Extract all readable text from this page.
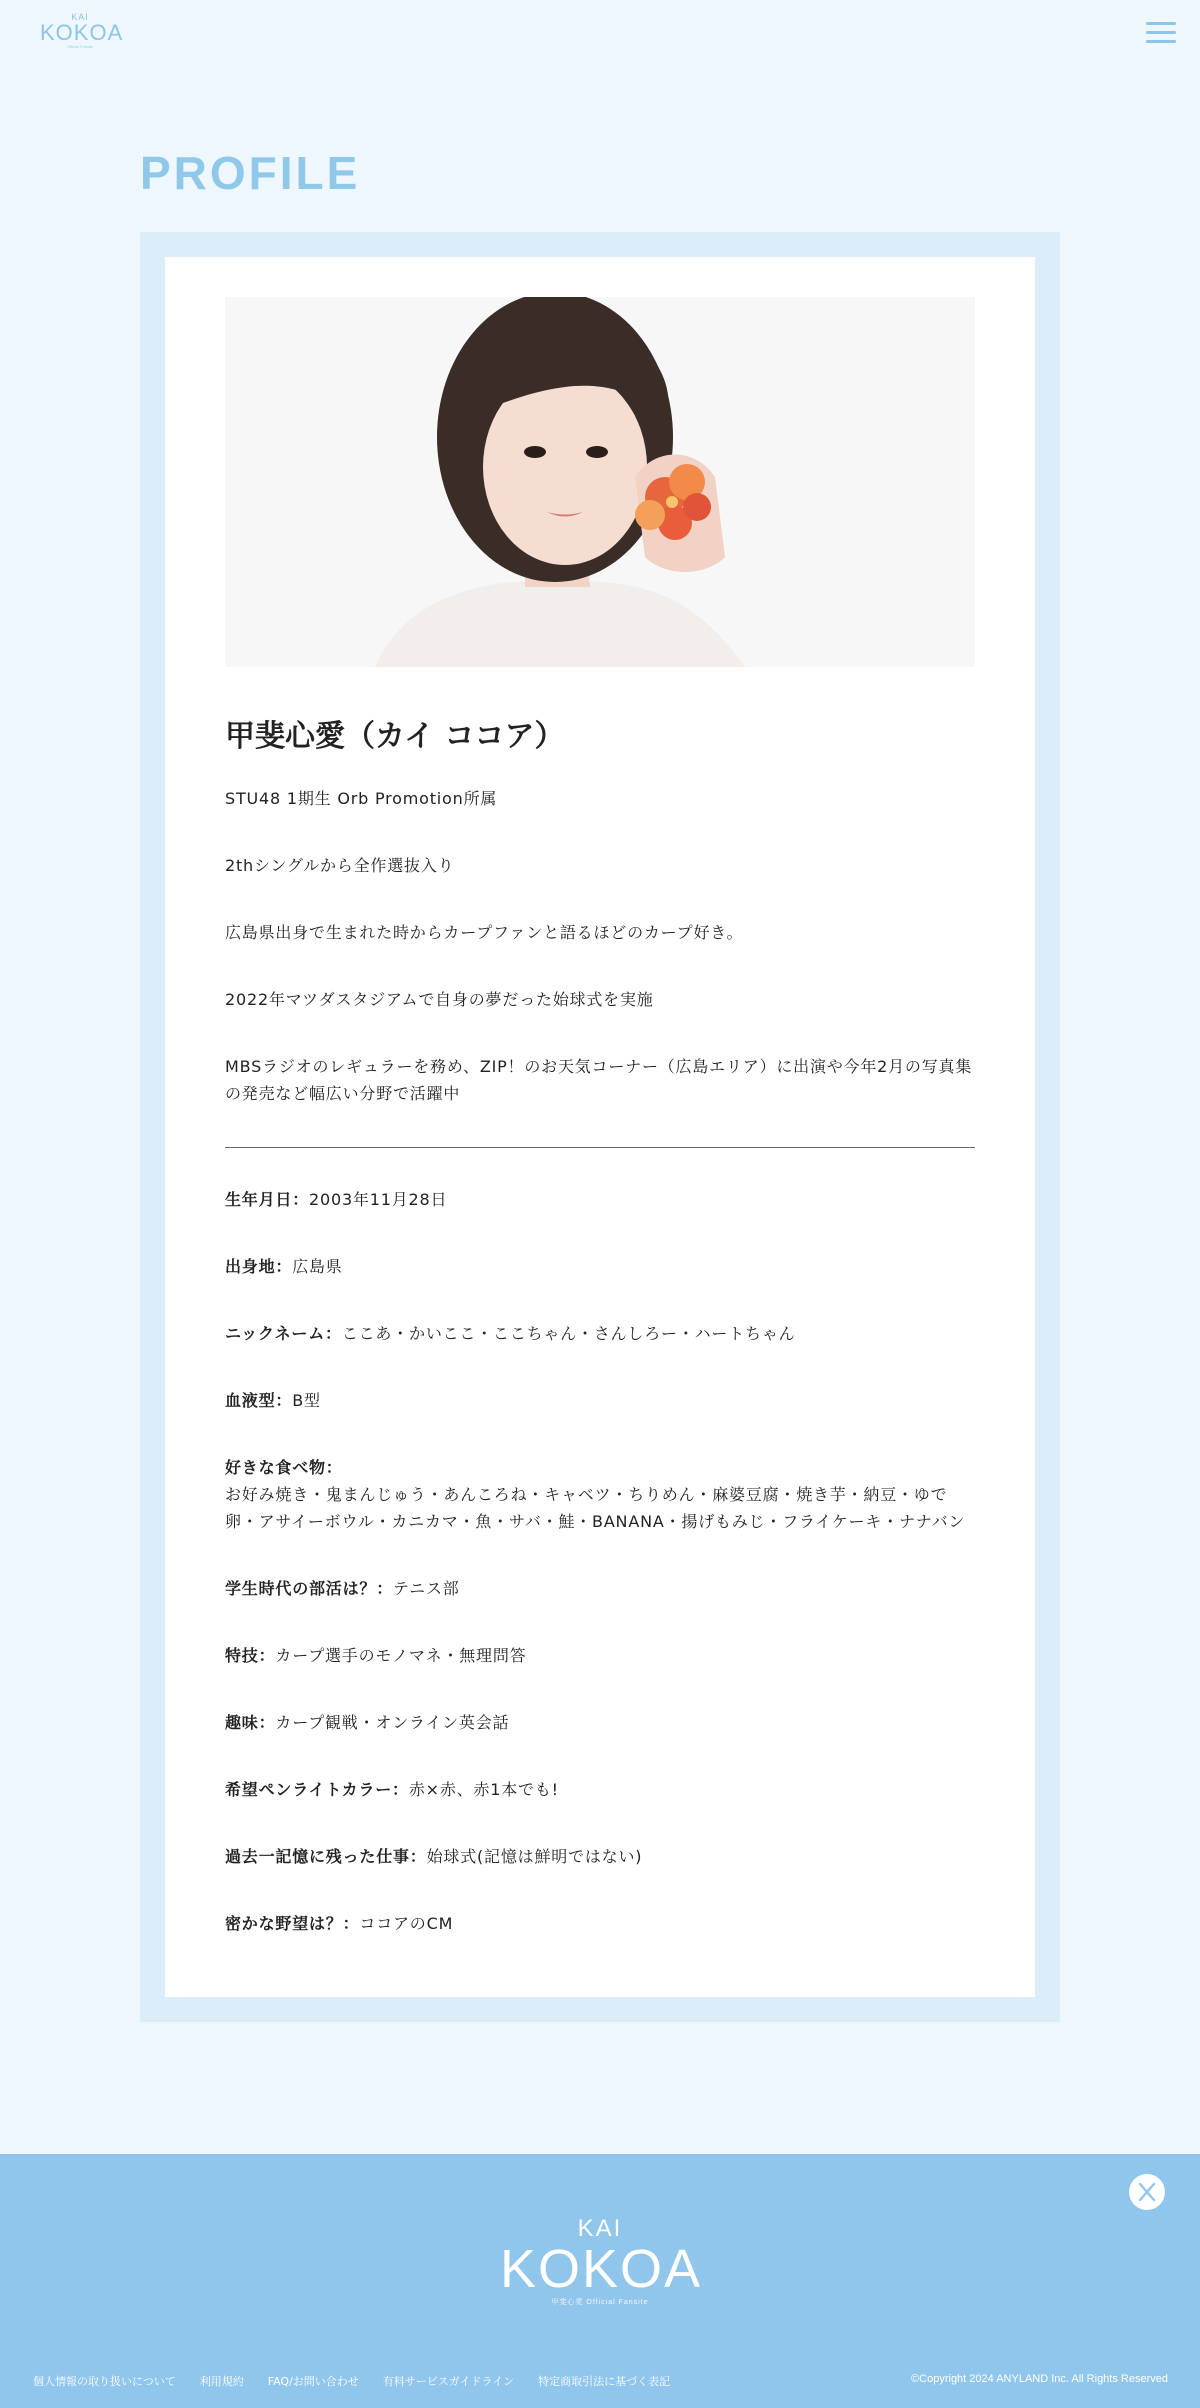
KAI
KOKOA
Official Fansite
PROFILE
甲斐心愛（カイ ココア）

STU48 1期生 Orb Promotion所属

2thシングルから全作選抜入り

広島県出身で生まれた時からカープファンと語るほどのカープ好き。

2022年マツダスタジアムで自身の夢だった始球式を実施

MBSラジオのレギュラーを務め、ZIP！のお天気コーナー（広島エリア）に出演や今年2月の写真集の発売など幅広い分野で活躍中

生年月日：2003年11月28日

出身地：広島県

ニックネーム：ここあ・かいここ・ここちゃん・さんしろー・ハートちゃん

血液型：B型

好きな食べ物：
お好み焼き・鬼まんじゅう・あんころね・キャベツ・ちりめん・麻婆豆腐・焼き芋・納豆・ゆで卵・アサイーボウル・カニカマ・魚・サバ・鮭・BANANA・揚げもみじ・フライケーキ・ナナバン

学生時代の部活は？：テニス部

特技：カープ選手のモノマネ・無理問答

趣味：カープ観戦・オンライン英会話

希望ペンライトカラー：赤×赤、赤1本でも!

過去一記憶に残った仕事：始球式(記憶は鮮明ではない)

密かな野望は？：ココアのCM

KAI
KOKOA
甲斐心愛 Official Fansite
個人情報の取り扱いについて 利用規約 FAQ/お問い合わせ 有料サービスガイドライン 特定商取引法に基づく表記	©Copyright 2024 ANYLAND Inc. All Rights Reserved
